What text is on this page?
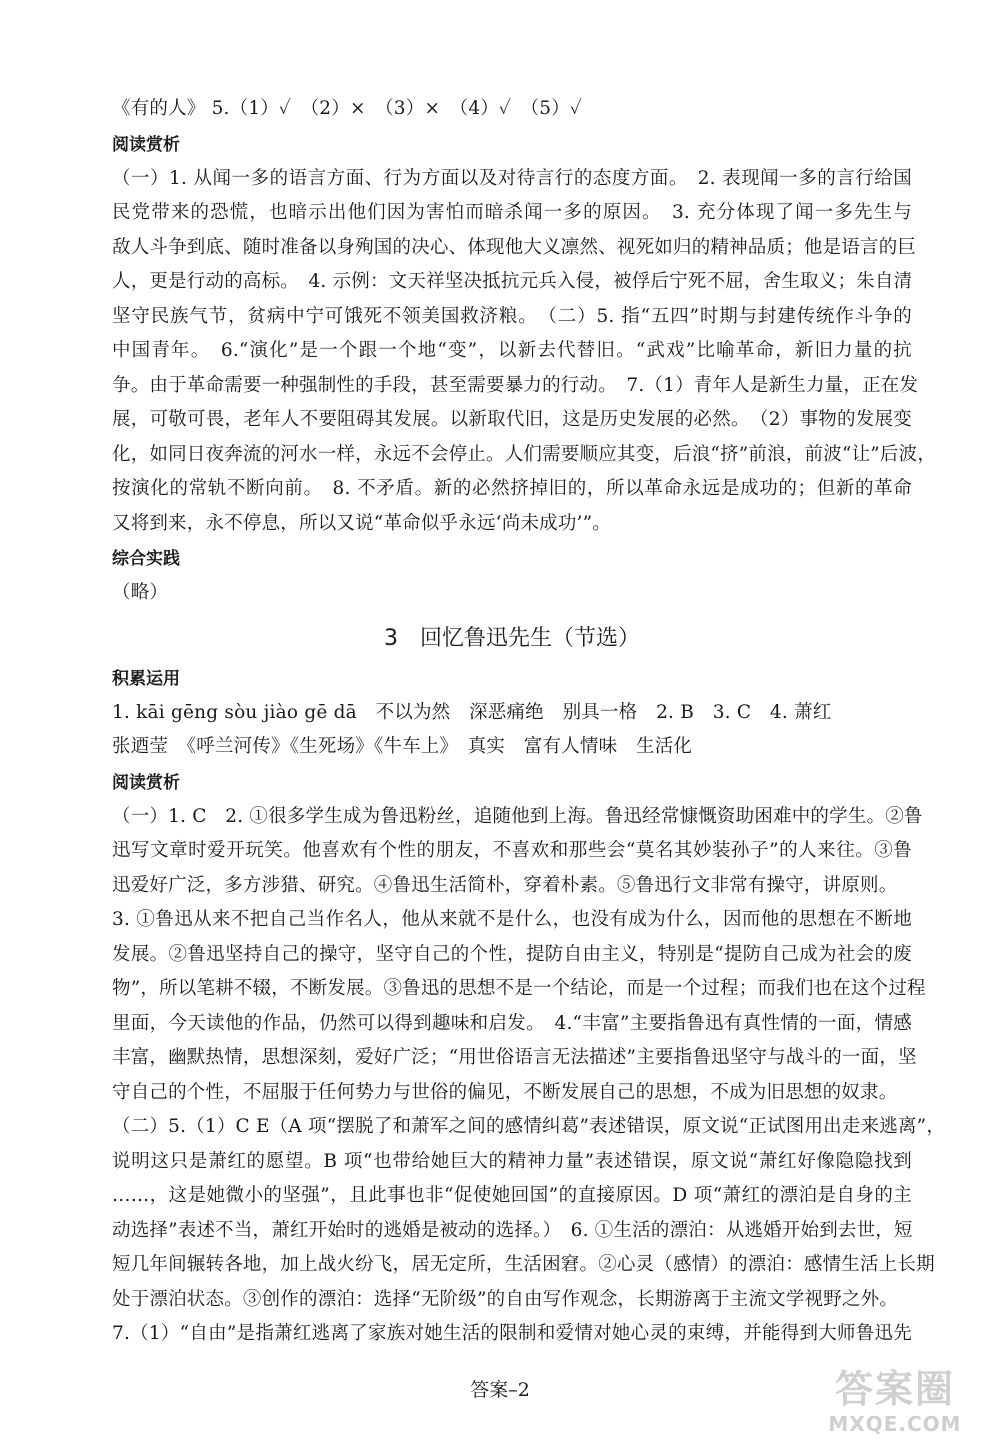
《有的人》 5.（1）✓　（2）×　（3）×　（4）✓　（5）✓
阅读赏析
（一）1. 从闻一多的语言方面、行为方面以及对待言行的态度方面。　2. 表现闻一多的言行给国
民党带来的恐慌，也暗示出他们因为害怕而暗杀闻一多的原因。　3. 充分体现了闻一多先生与
敌人斗争到底、随时准备以身殉国的决心、体现他大义凛然、视死如归的精神品质；他是语言的巨
人，更是行动的高标。　4. 示例：文天祥坚决抵抗元兵入侵，被俘后宁死不屈，舍生取义；朱自清
坚守民族气节，贫病中宁可饿死不领美国救济粮。　（二）5. 指“五四”时期与封建传统作斗争的
中国青年。　6.“演化”是一个跟一个地“变”，以新去代替旧。“武戏”比喻革命，新旧力量的抗
争。由于革命需要一种强制性的手段，甚至需要暴力的行动。　7.（1）青年人是新生力量，正在发
展，可敬可畏，老年人不要阻碍其发展。以新取代旧，这是历史发展的必然。　（2）事物的发展变
化，如同日夜奔流的河水一样，永远不会停止。人们需要顺应其变，后浪“挤”前浪，前波“让”后波，
按演化的常轨不断向前。　8. 不矛盾。新的必然挤掉旧的，所以革命永远是成功的；但新的革命
又将到来，永不停息，所以又说“革命似乎永远‘尚未成功’”。
综合实践
（略）
3 回忆鲁迅先生（节选）
积累运用
1. kāi gēng sòu jiào gē dā　不以为然　深恶痛绝　别具一格　2. B　3. C　4. 萧红
张迺莹　《呼兰河传》《生死场》《牛车上》　真实　富有人情味　生活化
阅读赏析
（一）1. C　2. ①很多学生成为鲁迅粉丝，追随他到上海。鲁迅经常慷慨资助困难中的学生。②鲁
迅写文章时爱开玩笑。他喜欢有个性的朋友，不喜欢和那些会“莫名其妙装孙子”的人来往。③鲁
迅爱好广泛，多方涉猎、研究。④鲁迅生活简朴，穿着朴素。⑤鲁迅行文非常有操守，讲原则。
3. ①鲁迅从来不把自己当作名人，他从来就不是什么，也没有成为什么，因而他的思想在不断地
发展。②鲁迅坚持自己的操守，坚守自己的个性，提防自由主义，特别是“提防自己成为社会的废
物”，所以笔耕不辍，不断发展。③鲁迅的思想不是一个结论，而是一个过程；而我们也在这个过程
里面，今天读他的作品，仍然可以得到趣味和启发。　4.“丰富”主要指鲁迅有真性情的一面，情感
丰富，幽默热情，思想深刻，爱好广泛；“用世俗语言无法描述”主要指鲁迅坚守与战斗的一面，坚
守自己的个性，不屈服于任何势力与世俗的偏见，不断发展自己的思想，不成为旧思想的奴隶。
（二）5.（1）C E（A 项“摆脱了和萧军之间的感情纠葛”表述错误，原文说“正试图用出走来逃离”，
说明这只是萧红的愿望。B 项“也带给她巨大的精神力量”表述错误，原文说“萧红好像隐隐找到
……，这是她微小的坚强”，且此事也非“促使她回国”的直接原因。D 项“萧红的漂泊是自身的主
动选择”表述不当，萧红开始时的逃婚是被动的选择。）　6. ①生活的漂泊：从逃婚开始到去世，短
短几年间辗转各地，加上战火纷飞，居无定所，生活困窘。②心灵（感情）的漂泊：感情生活上长期
处于漂泊状态。③创作的漂泊：选择“无阶级”的自由写作观念，长期游离于主流文学视野之外。
7.（1）“自由”是指萧红逃离了家族对她生活的限制和爱情对她心灵的束缚，并能得到大师鲁迅先
答案–2	答案圈
MXQE.COM
